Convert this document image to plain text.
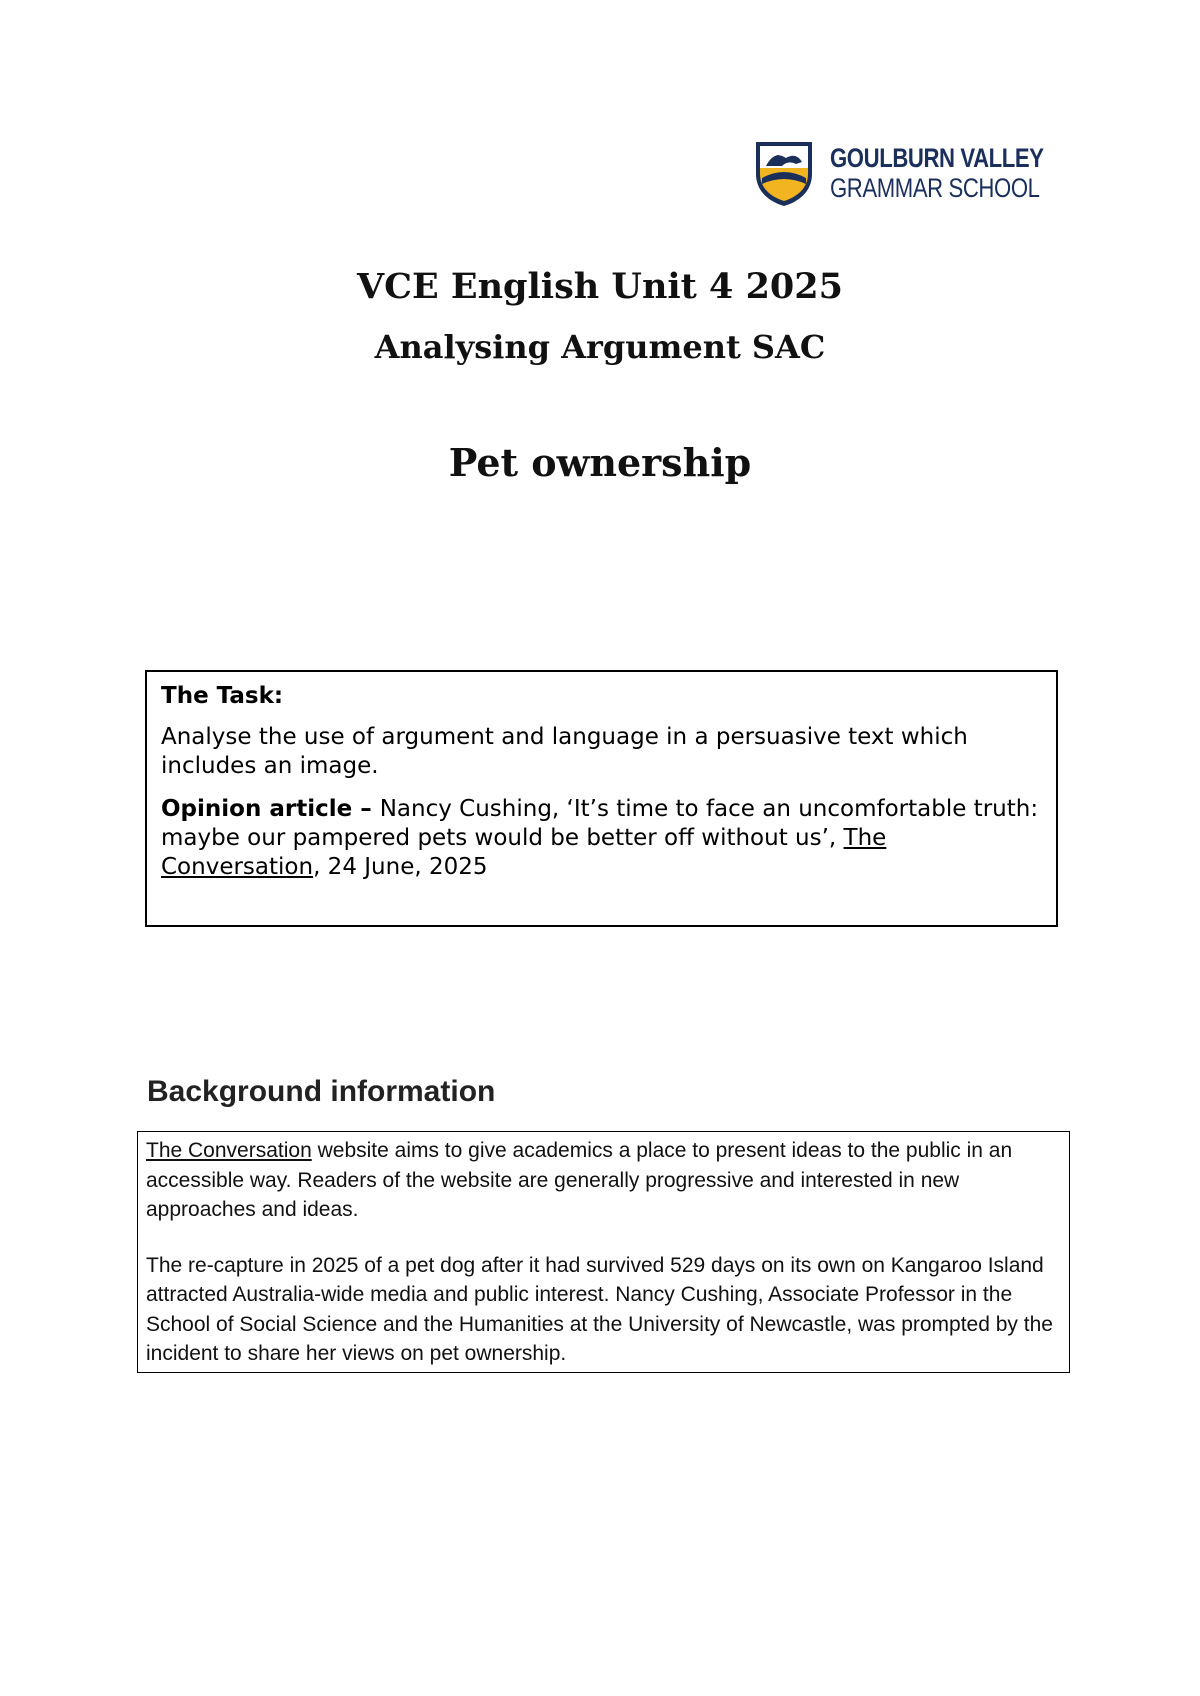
GOULBURN VALLEY
GRAMMAR SCHOOL
VCE English Unit 4 2025
Analysing Argument SAC
Pet ownership

The Task:

Analyse the use of argument and language in a persuasive text which includes an image.

Opinion article – Nancy Cushing, ‘It’s time to face an uncomfortable truth: maybe our pampered pets would be better off without us’, The Conversation, 24 June, 2025

Background information

The Conversation website aims to give academics a place to present ideas to the public in an accessible way. Readers of the website are generally progressive and interested in new approaches and ideas.

The re-capture in 2025 of a pet dog after it had survived 529 days on its own on Kangaroo Island attracted Australia-wide media and public interest. Nancy Cushing, Associate Professor in the School of Social Science and the Humanities at the University of Newcastle, was prompted by the incident to share her views on pet ownership.
